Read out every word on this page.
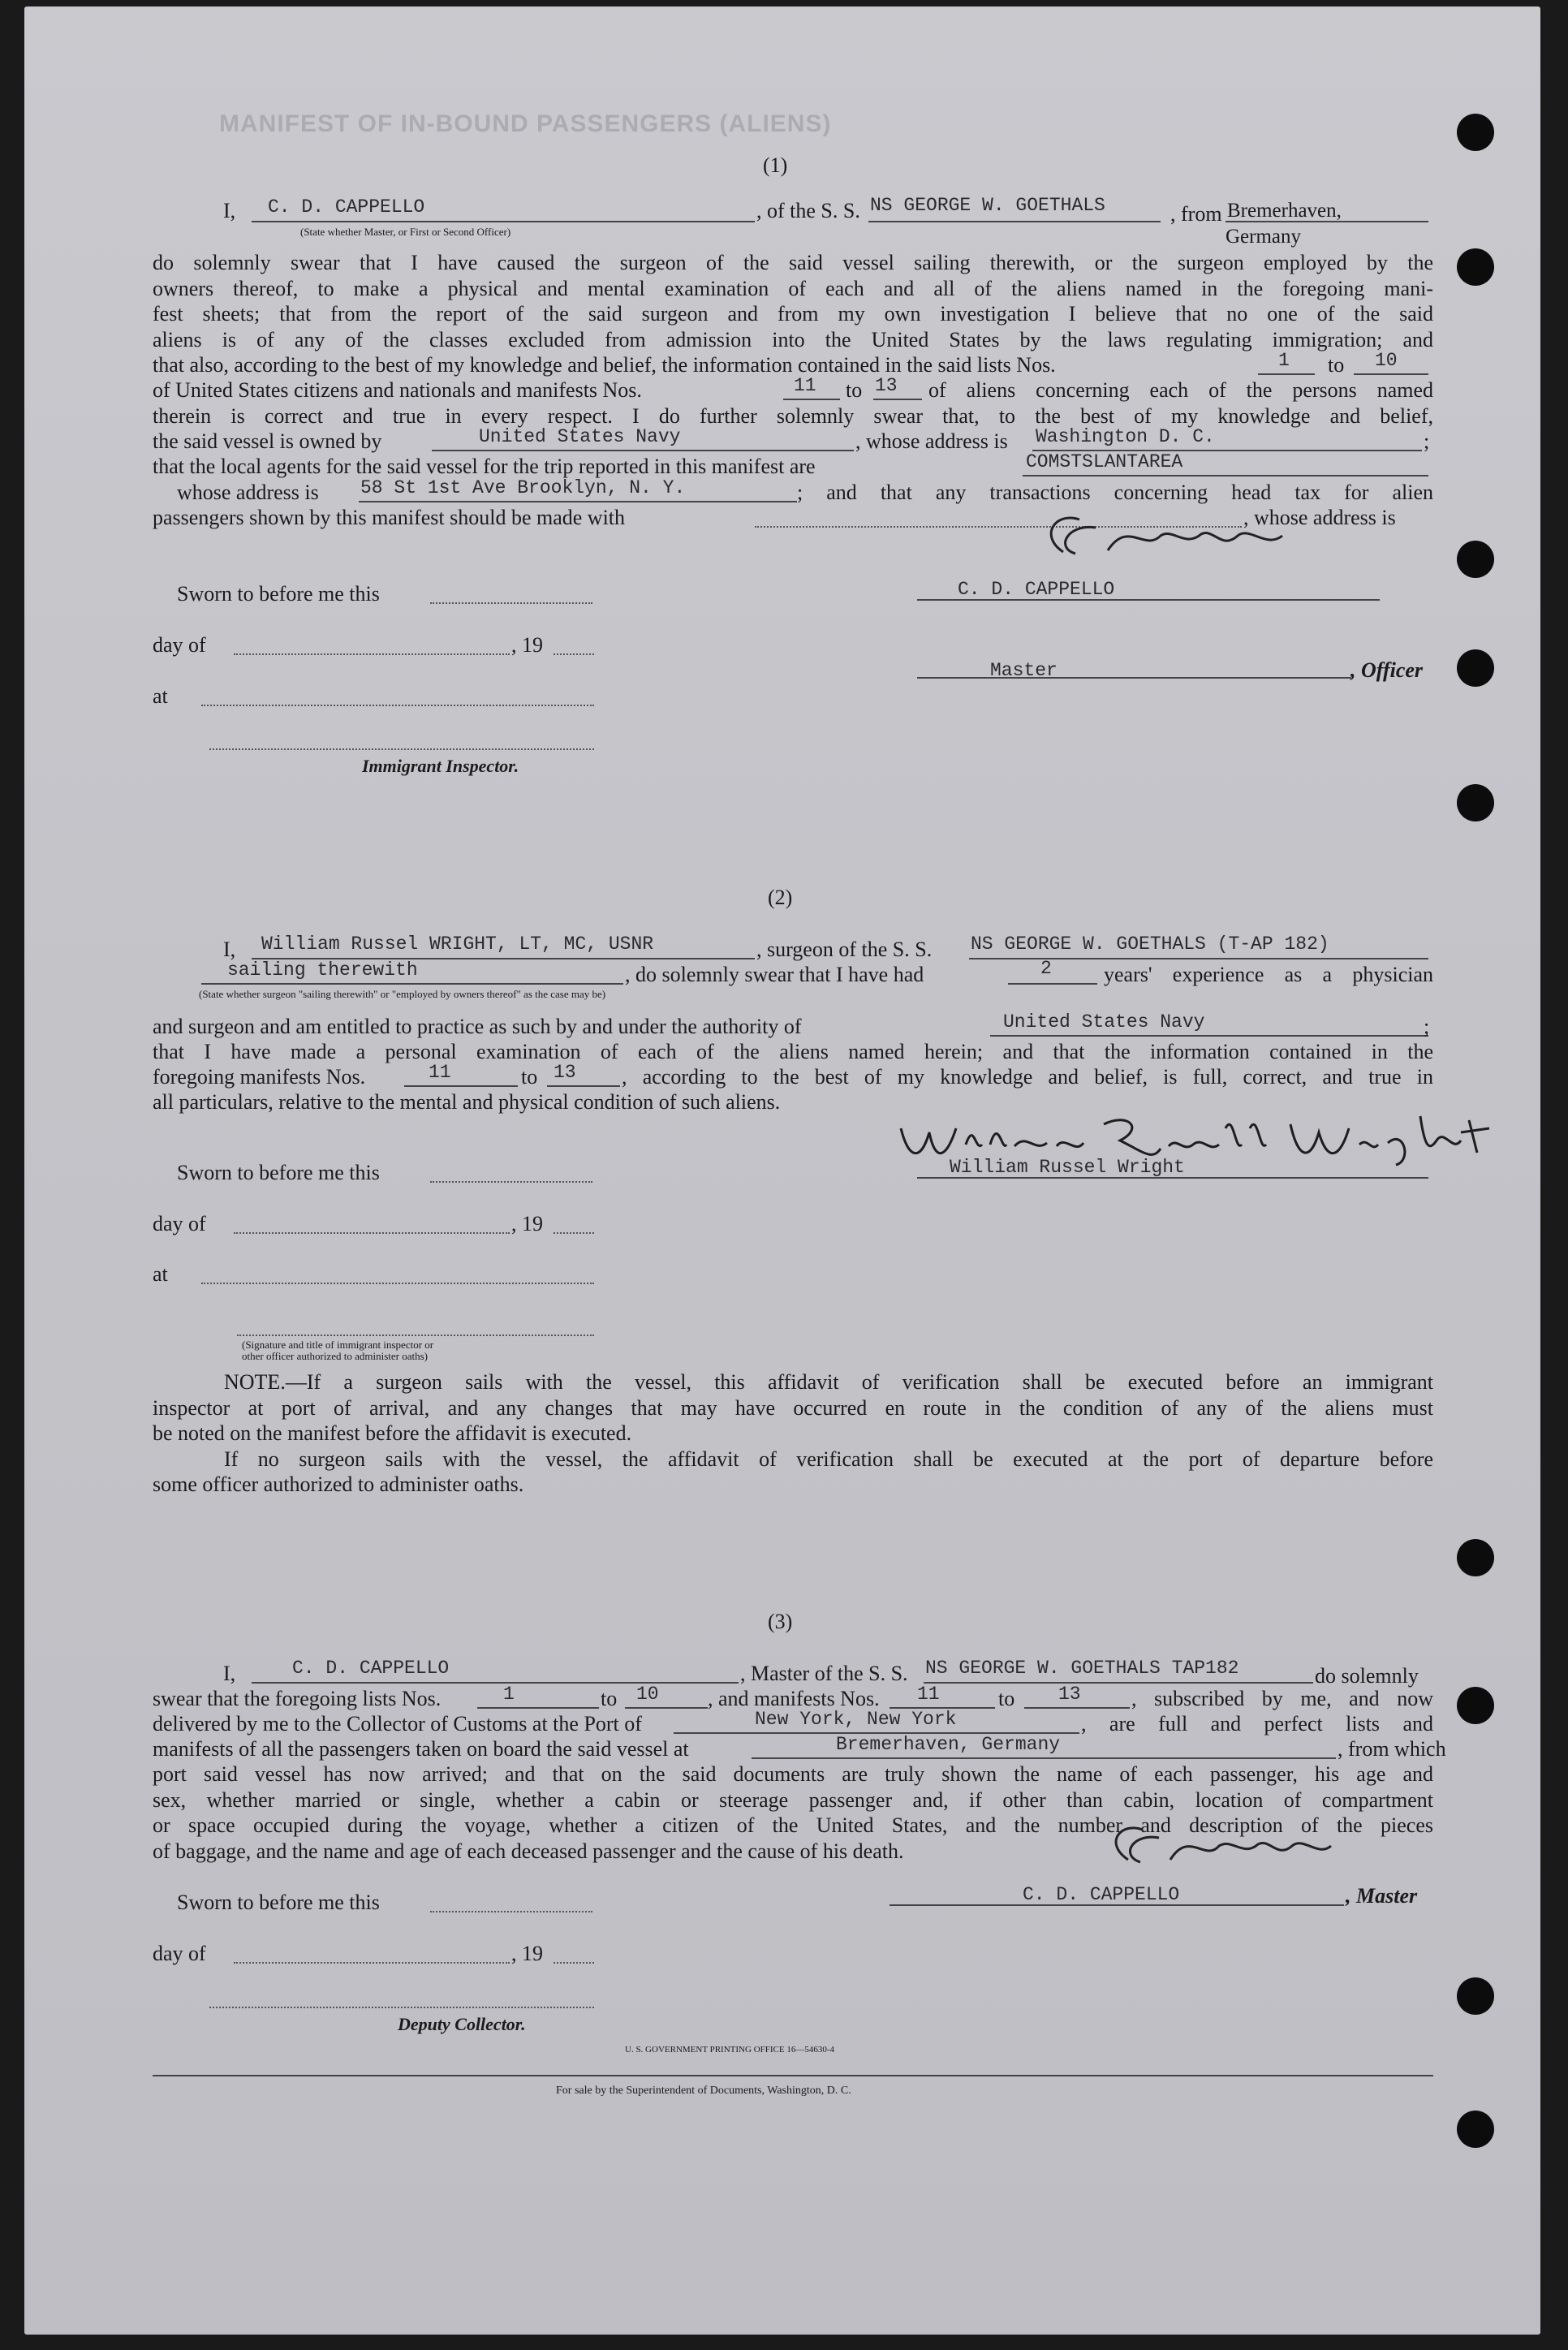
MANIFEST OF IN-BOUND PASSENGERS (ALIENS)
(1)
I, C. D. CAPPELLO
(State whether Master, or First or Second Officer)
, of the S. S. NS GEORGE W. GOETHALS	, from Bremerhaven,
Germany
do solemnly swear that I have caused the surgeon of the said vessel sailing therewith, or the surgeon employed by the
owners thereof, to make a physical and mental examination of each and all of the aliens named in the foregoing mani-
fest sheets; that from the report of the said surgeon and from my own investigation I believe that no one of the said
aliens is of any of the classes excluded from admission into the United States by the laws regulating immigration; and
that also, according to the best of my knowledge and belief, the information contained in the said lists Nos.	1 to 10
of United States citizens and nationals and manifests Nos.	11 to 13 of aliens concerning each of the persons named
therein is correct and true in every respect. I do further solemnly swear that, to the best of my knowledge and belief,
the said vessel is owned by	United States Navy	, whose address is Washington D. C.	;
that the local agents for the said vessel for the trip reported in this manifest are	COMSTSLANTAREA
whose address is 58 St 1st Ave Brooklyn, N. Y.	; and that any transactions concerning head tax for alien
passengers shown by this manifest should be made with	, whose address is
C. D. CAPPELLO
Sworn to before me this
day of	, 19
Master	, Officer
at
Immigrant Inspector.
(2)
I, William Russel WRIGHT, LT, MC, USNR	, surgeon of the S. S. NS GEORGE W. GOETHALS (T-AP 182)
sailing therewith	, do solemnly swear that I have had	2 years' experience as a physician
(State whether surgeon "sailing therewith" or "employed by owners thereof" as the case may be)
and surgeon and am entitled to practice as such by and under the authority of	United States Navy	;
that I have made a personal examination of each of the aliens named herein; and that the information contained in the
foregoing manifests Nos.	11	to 13 , according to the best of my knowledge and belief, is full, correct, and true in
all particulars, relative to the mental and physical condition of such aliens.
William Russel Wright
Sworn to before me this
day of	, 19
at
(Signature and title of immigrant inspector or
other officer authorized to administer oaths)
NOTE.—If a surgeon sails with the vessel, this affidavit of verification shall be executed before an immigrant
inspector at port of arrival, and any changes that may have occurred en route in the condition of any of the aliens must
be noted on the manifest before the affidavit is executed.
If no surgeon sails with the vessel, the affidavit of verification shall be executed at the port of departure before
some officer authorized to administer oaths.
(3)
I,	C. D. CAPPELLO	, Master of the S. S. NS GEORGE W. GOETHALS TAP182	do solemnly
swear that the foregoing lists Nos.	1	to 10 , and manifests Nos. 11	to 13 , subscribed by me, and now
delivered by me to the Collector of Customs at the Port of	New York, New York	, are full and perfect lists and
manifests of all the passengers taken on board the said vessel at	Bremerhaven, Germany	, from which
port said vessel has now arrived; and that on the said documents are truly shown the name of each passenger, his age and
sex, whether married or single, whether a cabin or steerage passenger and, if other than cabin, location of compartment
or space occupied during the voyage, whether a citizen of the United States, and the number and description of the pieces
of baggage, and the name and age of each deceased passenger and the cause of his death.
C. D. CAPPELLO	, Master
Sworn to before me this
day of	, 19
Deputy Collector.
U. S. GOVERNMENT PRINTING OFFICE 16—54630-4
For sale by the Superintendent of Documents, Washington, D. C.
